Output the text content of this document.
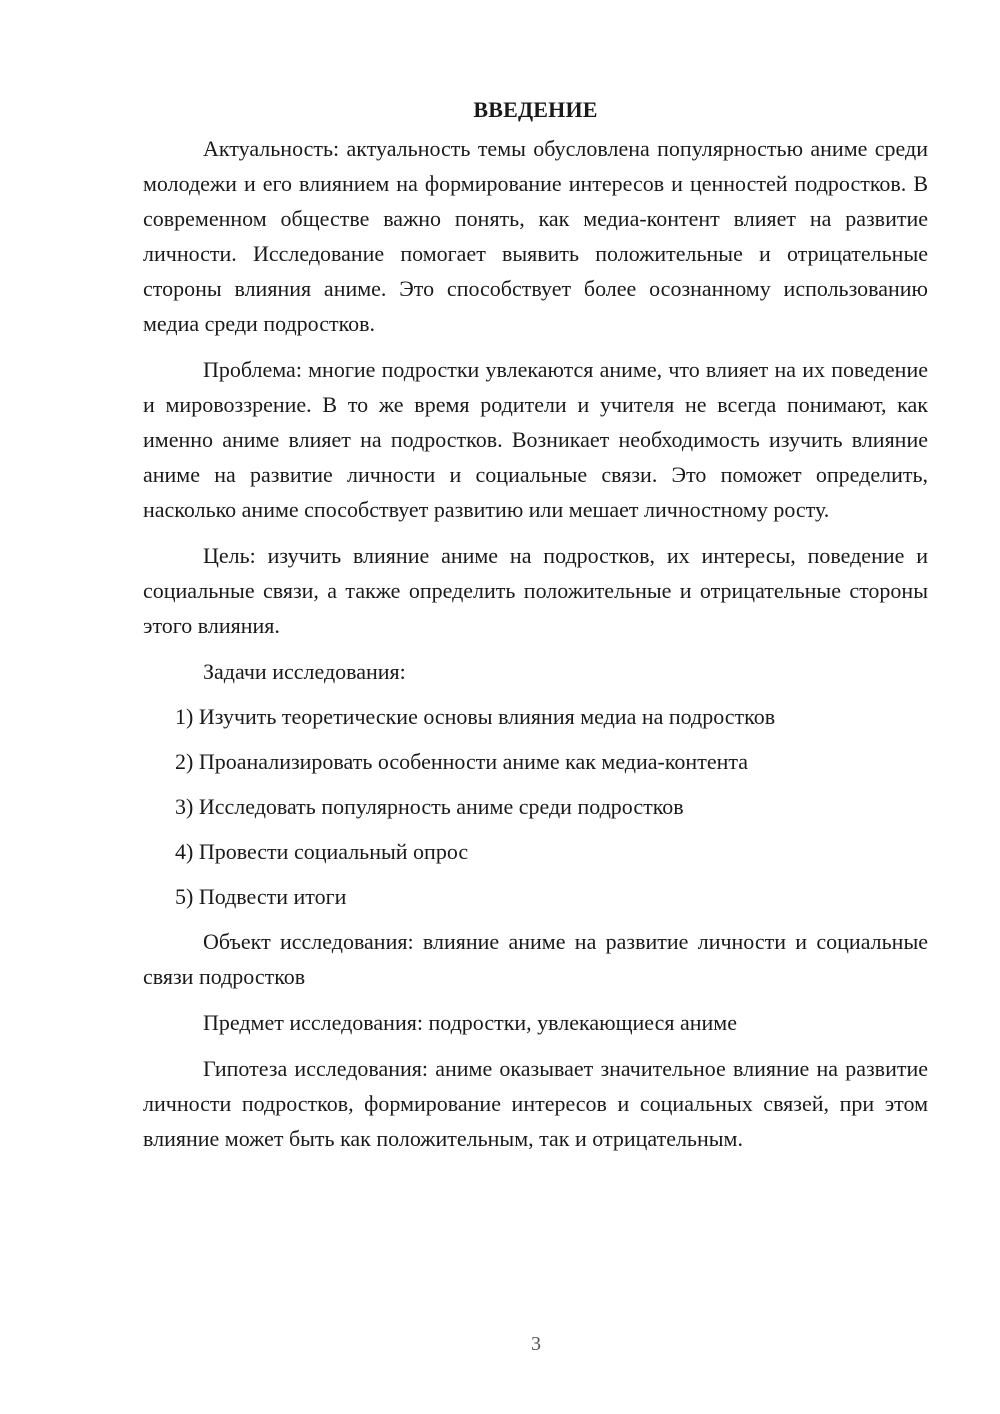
ВВЕДЕНИЕ

Актуальность: актуальность темы обусловлена популярностью аниме среди молодежи и его влиянием на формирование интересов и ценностей подростков. В современном обществе важно понять, как медиа-контент влияет на развитие личности. Исследование помогает выявить положительные и отрицательные стороны влияния аниме. Это способствует более осознанному использованию медиа среди подростков.

Проблема: многие подростки увлекаются аниме, что влияет на их поведение и мировоззрение. В то же время родители и учителя не всегда понимают, как именно аниме влияет на подростков. Возникает необходимость изучить влияние аниме на развитие личности и социальные связи. Это поможет определить, насколько аниме способствует развитию или мешает личностному росту.

Цель: изучить влияние аниме на подростков, их интересы, поведение и социальные связи, а также определить положительные и отрицательные стороны этого влияния.

Задачи исследования:

1) Изучить теоретические основы влияния медиа на подростков
2) Проанализировать особенности аниме как медиа-контента
3) Исследовать популярность аниме среди подростков
4) Провести социальный опрос
5) Подвести итоги

Объект исследования: влияние аниме на развитие личности и социальные связи подростков

Предмет исследования: подростки, увлекающиеся аниме

Гипотеза исследования: аниме оказывает значительное влияние на развитие личности подростков, формирование интересов и социальных связей, при этом влияние может быть как положительным, так и отрицательным.

3
